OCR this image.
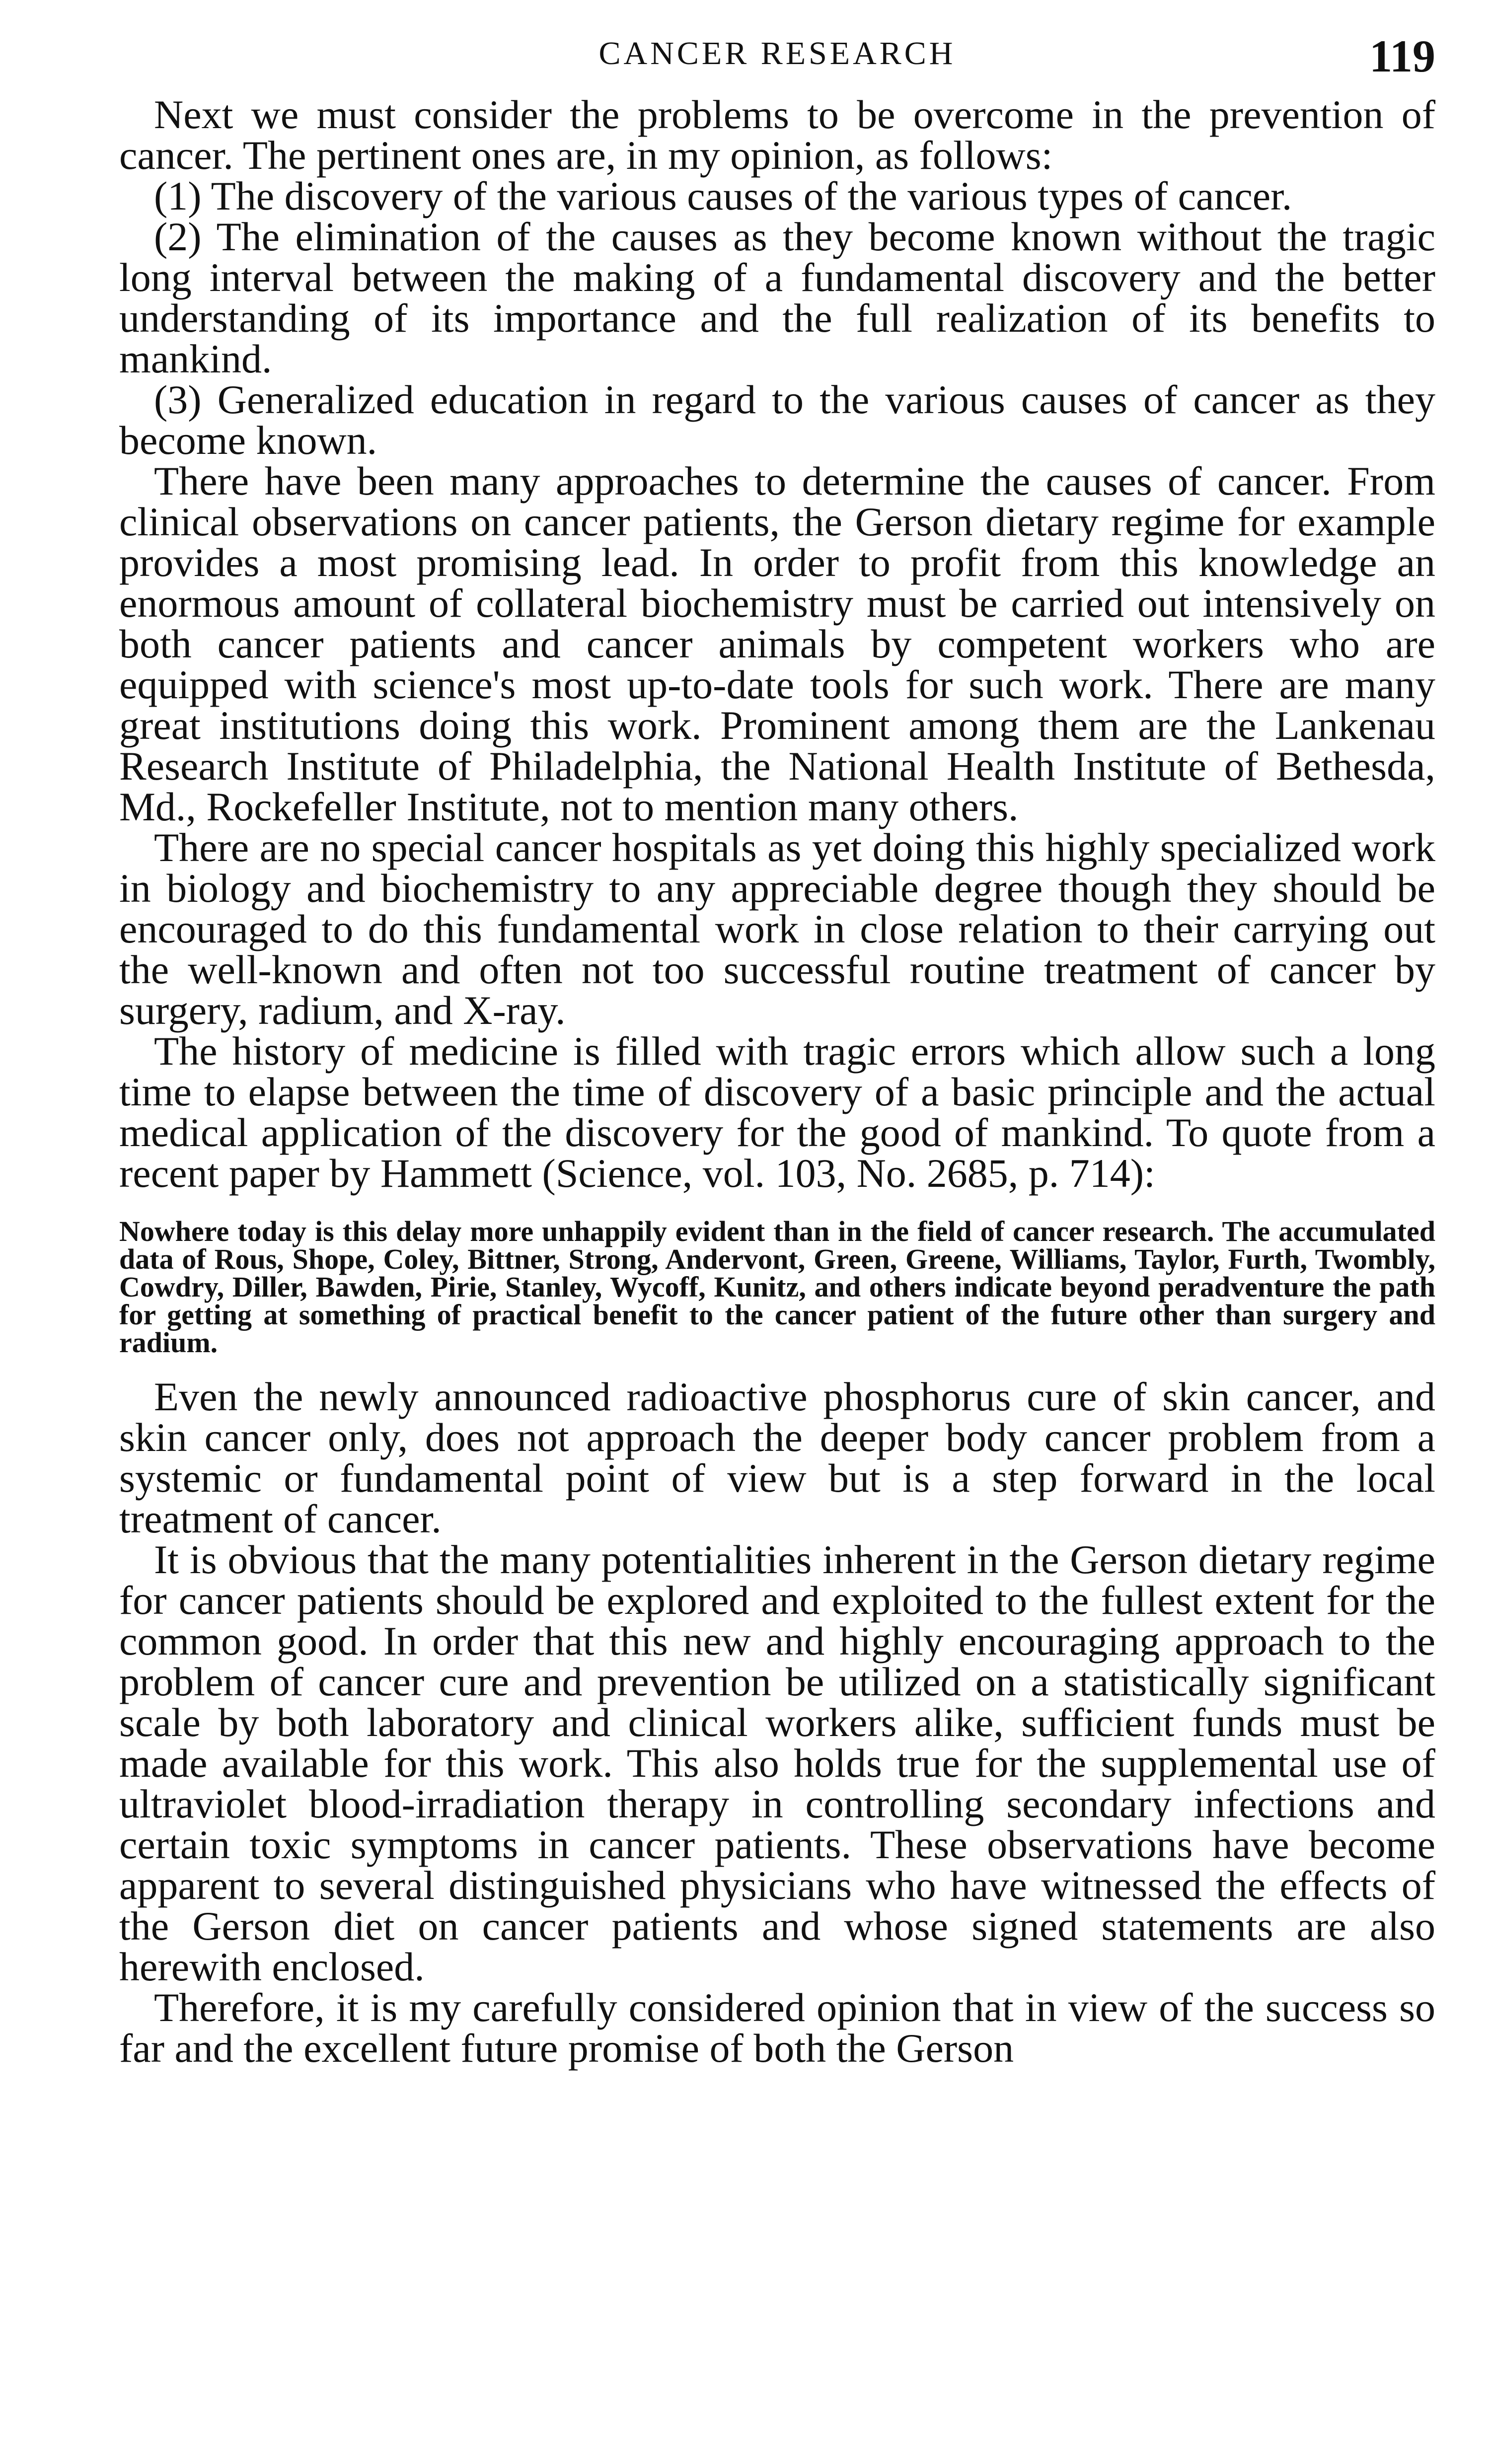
CANCER RESEARCH	119

Next we must consider the problems to be overcome in the prevention of cancer. The pertinent ones are, in my opinion, as follows:

(1) The discovery of the various causes of the various types of cancer.

(2) The elimination of the causes as they become known without the tragic long interval between the making of a fundamental discovery and the better understanding of its importance and the full realization of its benefits to mankind.

(3) Generalized education in regard to the various causes of cancer as they become known.

There have been many approaches to determine the causes of cancer. From clinical observations on cancer patients, the Gerson dietary regime for example provides a most promising lead. In order to profit from this knowledge an enormous amount of collateral biochemistry must be carried out intensively on both cancer patients and cancer animals by competent workers who are equipped with science's most up-to-date tools for such work. There are many great institutions doing this work. Prominent among them are the Lankenau Research Institute of Philadelphia, the National Health Institute of Bethesda, Md., Rockefeller Institute, not to mention many others.

There are no special cancer hospitals as yet doing this highly specialized work in biology and biochemistry to any appreciable degree though they should be encouraged to do this fundamental work in close relation to their carrying out the well-known and often not too successful routine treatment of cancer by surgery, radium, and X-ray.

The history of medicine is filled with tragic errors which allow such a long time to elapse between the time of discovery of a basic principle and the actual medical application of the discovery for the good of mankind. To quote from a recent paper by Hammett (Science, vol. 103, No. 2685, p. 714):

Nowhere today is this delay more unhappily evident than in the field of cancer research. The accumulated data of Rous, Shope, Coley, Bittner, Strong, Andervont, Green, Greene, Williams, Taylor, Furth, Twombly, Cowdry, Diller, Bawden, Pirie, Stanley, Wycoff, Kunitz, and others indicate beyond peradventure the path for getting at something of practical benefit to the cancer patient of the future other than surgery and radium.

Even the newly announced radioactive phosphorus cure of skin cancer, and skin cancer only, does not approach the deeper body cancer problem from a systemic or fundamental point of view but is a step forward in the local treatment of cancer.

It is obvious that the many potentialities inherent in the Gerson dietary regime for cancer patients should be explored and exploited to the fullest extent for the common good. In order that this new and highly encouraging approach to the problem of cancer cure and prevention be utilized on a statistically significant scale by both laboratory and clinical workers alike, sufficient funds must be made available for this work. This also holds true for the supplemental use of ultraviolet blood-irradiation therapy in controlling secondary infections and certain toxic symptoms in cancer patients. These observations have become apparent to several distinguished physicians who have witnessed the effects of the Gerson diet on cancer patients and whose signed statements are also herewith enclosed.

Therefore, it is my carefully considered opinion that in view of the success so far and the excellent future promise of both the Gerson
